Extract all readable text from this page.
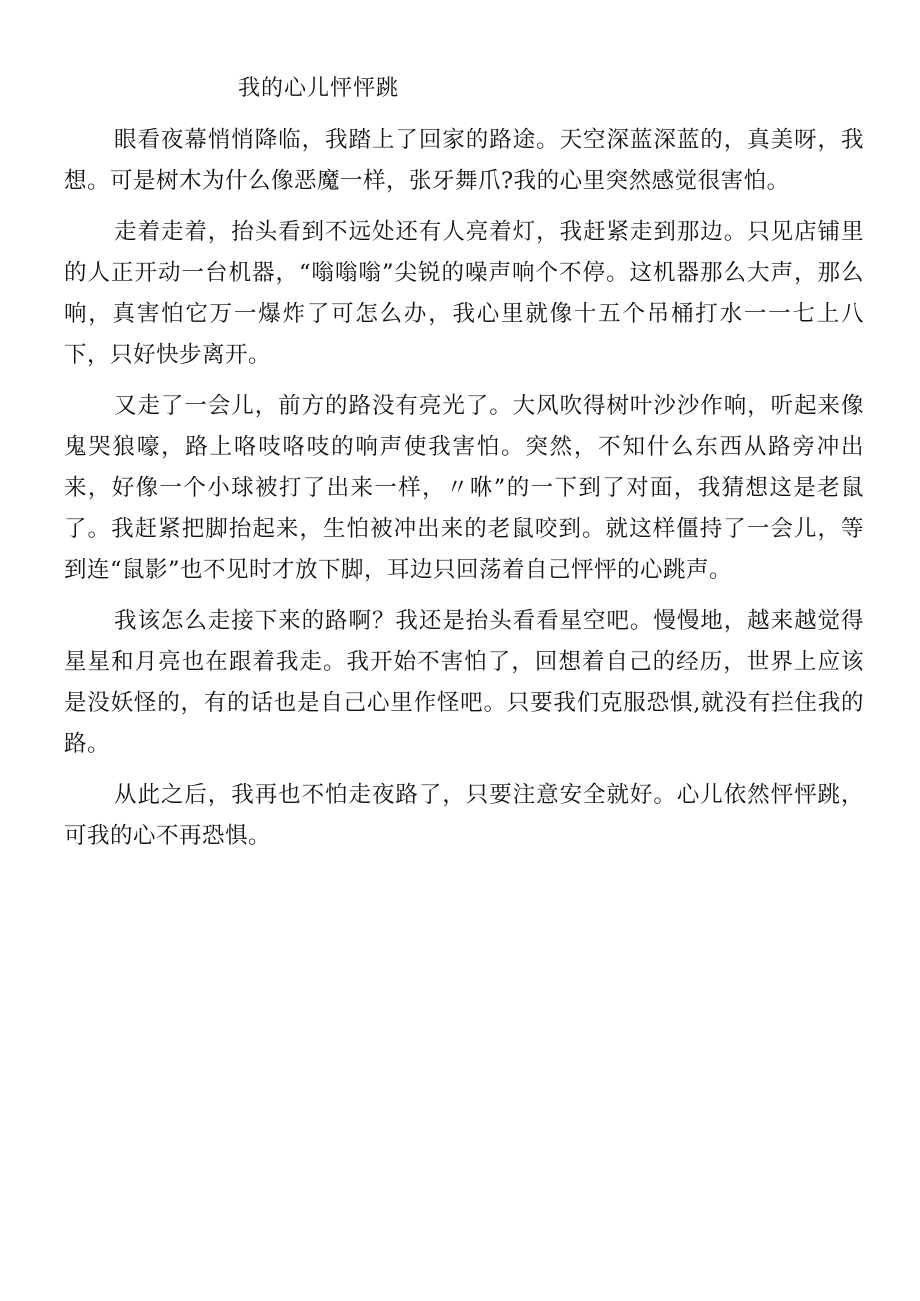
我的心儿怦怦跳

眼看夜幕悄悄降临，我踏上了回家的路途。天空深蓝深蓝的，真美呀，我想。可是树木为什么像恶魔一样，张牙舞爪?我的心里突然感觉很害怕。

走着走着，抬头看到不远处还有人亮着灯，我赶紧走到那边。只见店铺里的人正开动一台机器，“嗡嗡嗡”尖锐的噪声响个不停。这机器那么大声，那么响，真害怕它万一爆炸了可怎么办，我心里就像十五个吊桶打水一一七上八下，只好快步离开。

又走了一会儿，前方的路没有亮光了。大风吹得树叶沙沙作响，听起来像鬼哭狼嚎，路上咯吱咯吱的响声使我害怕。突然，不知什么东西从路旁冲出来，好像一个小球被打了出来一样，〃咻”的一下到了对面，我猜想这是老鼠了。我赶紧把脚抬起来，生怕被冲出来的老鼠咬到。就这样僵持了一会儿，等到连“鼠影”也不见时才放下脚，耳边只回荡着自己怦怦的心跳声。

我该怎么走接下来的路啊？我还是抬头看看星空吧。慢慢地，越来越觉得星星和月亮也在跟着我走。我开始不害怕了，回想着自己的经历，世界上应该是没妖怪的，有的话也是自己心里作怪吧。只要我们克服恐惧,就没有拦住我的路。

从此之后，我再也不怕走夜路了，只要注意安全就好。心儿依然怦怦跳，可我的心不再恐惧。
